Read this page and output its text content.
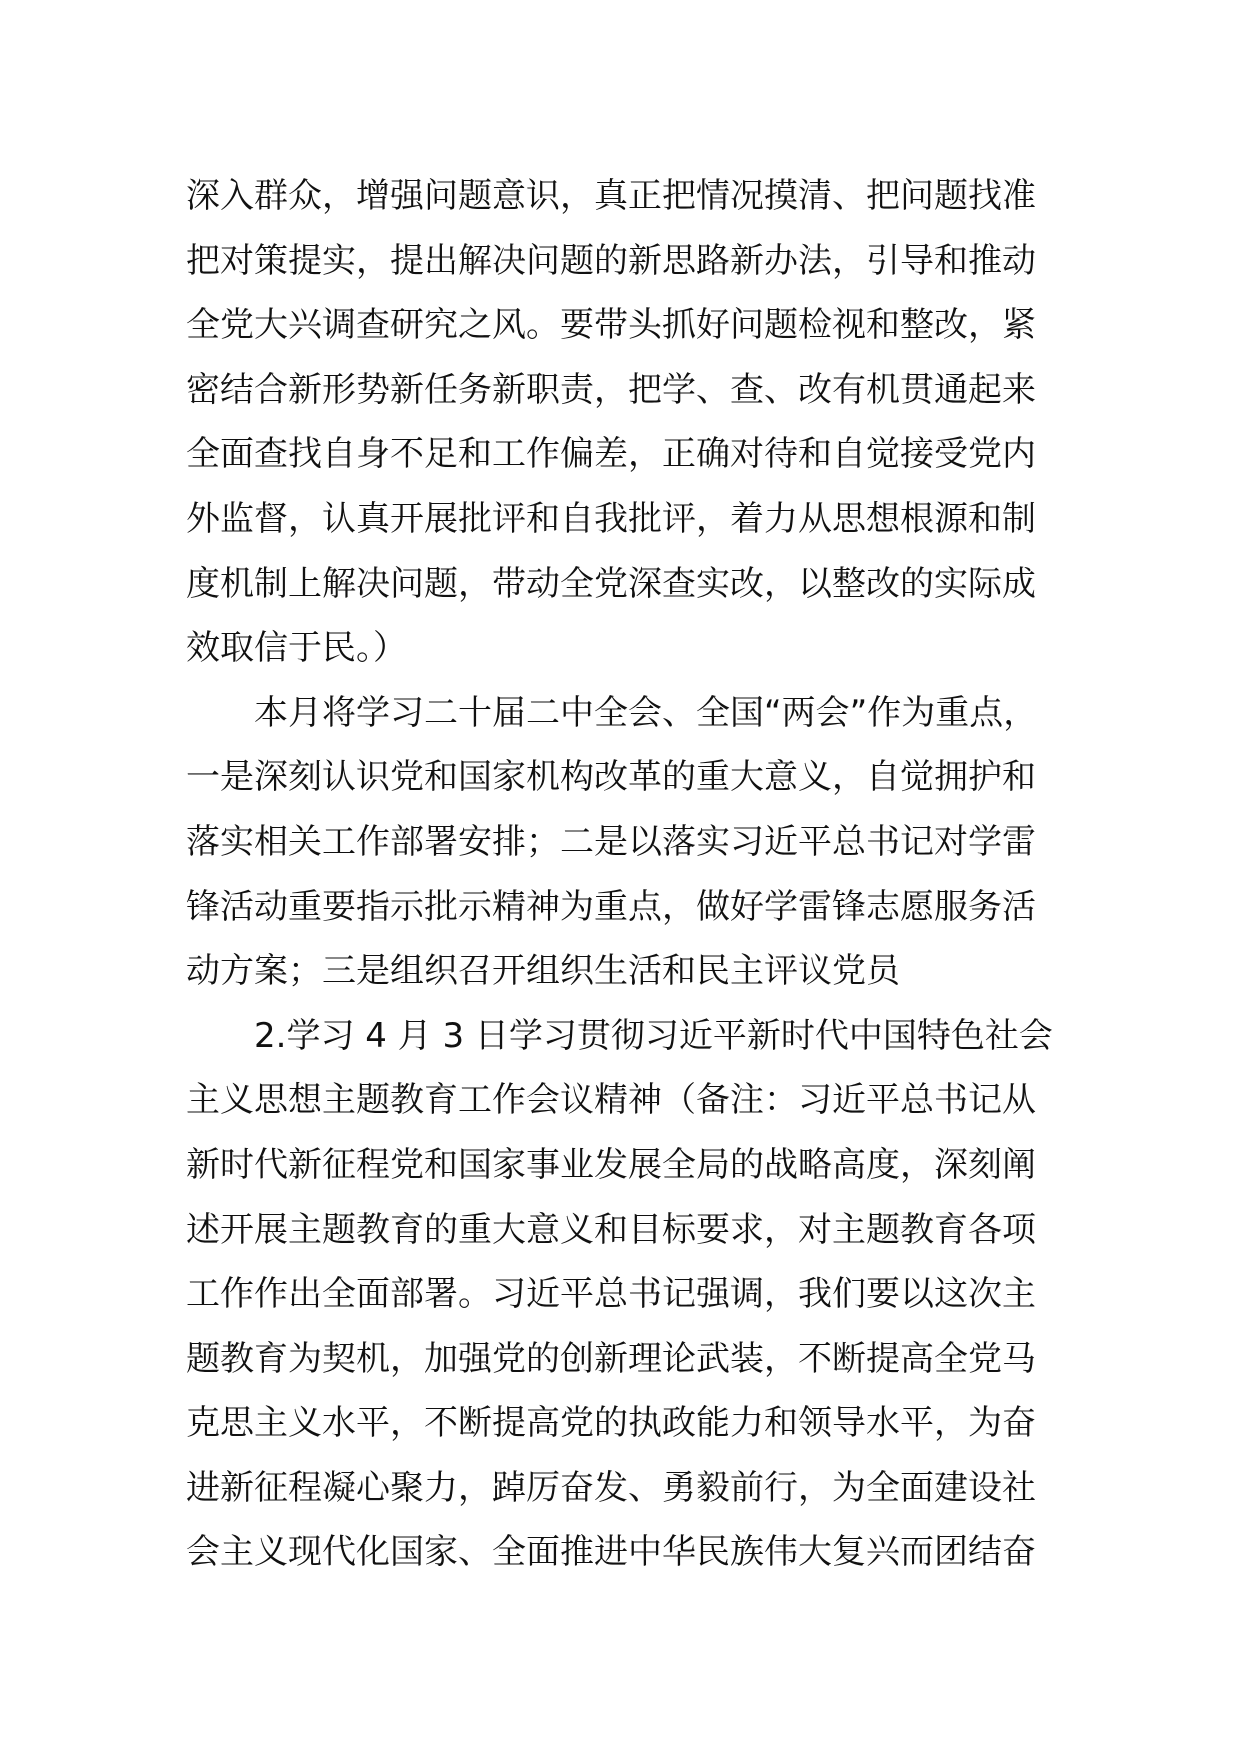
深入群众，增强问题意识，真正把情况摸清、把问题找准
把对策提实，提出解决问题的新思路新办法，引导和推动
全党大兴调查研究之风。要带头抓好问题检视和整改，紧
密结合新形势新任务新职责，把学、查、改有机贯通起来
全面查找自身不足和工作偏差，正确对待和自觉接受党内
外监督，认真开展批评和自我批评，着力从思想根源和制
度机制上解决问题，带动全党深查实改，以整改的实际成
效取信于民。）
本月将学习二十届二中全会、全国“两会”作为重点，
一是深刻认识党和国家机构改革的重大意义，自觉拥护和
落实相关工作部署安排；二是以落实习近平总书记对学雷
锋活动重要指示批示精神为重点，做好学雷锋志愿服务活
动方案；三是组织召开组织生活和民主评议党员
2.学习 4 月 3 日学习贯彻习近平新时代中国特色社会
主义思想主题教育工作会议精神（备注：习近平总书记从
新时代新征程党和国家事业发展全局的战略高度，深刻阐
述开展主题教育的重大意义和目标要求，对主题教育各项
工作作出全面部署。习近平总书记强调，我们要以这次主
题教育为契机，加强党的创新理论武装，不断提高全党马
克思主义水平，不断提高党的执政能力和领导水平，为奋
进新征程凝心聚力，踔厉奋发、勇毅前行，为全面建设社
会主义现代化国家、全面推进中华民族伟大复兴而团结奋
